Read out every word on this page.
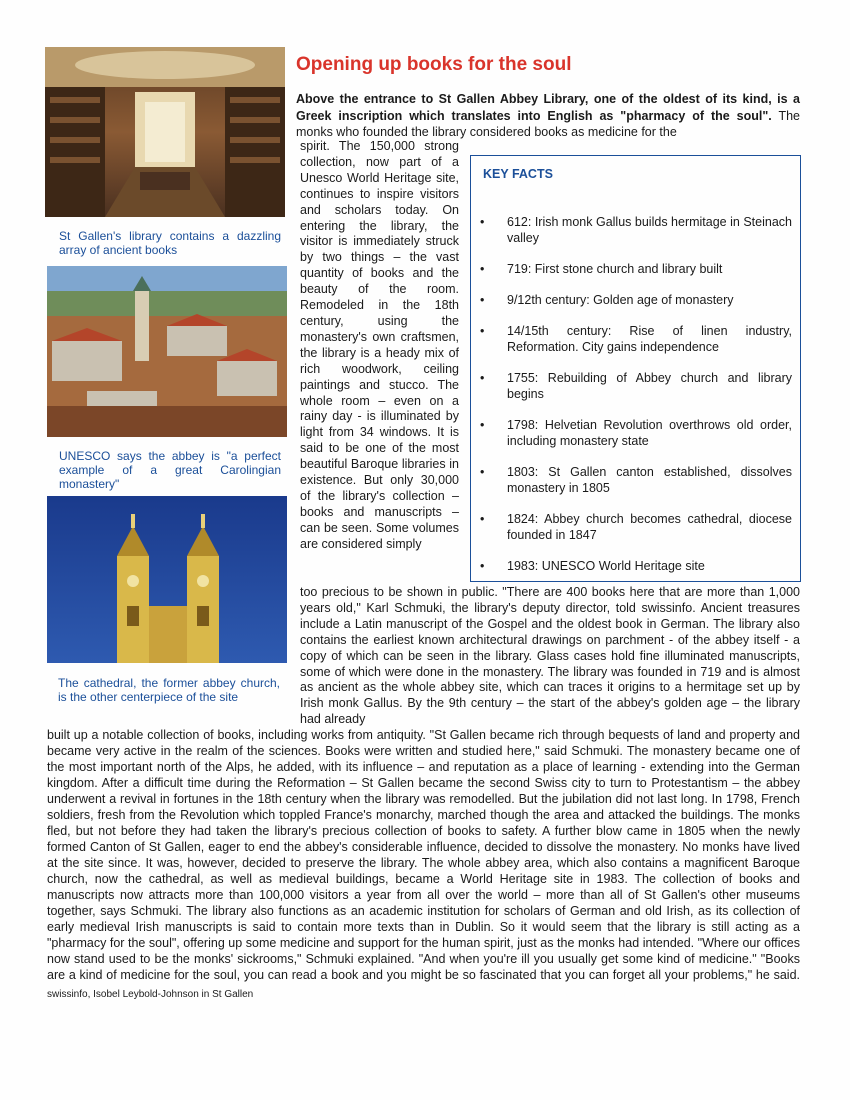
St Gallen's library contains a dazzling array of ancient books
UNESCO says the abbey is "a perfect example of a great Carolingian monastery"
The cathedral, the former abbey church, is the other centerpiece of the site
Opening up books for the soul
Above the entrance to St Gallen Abbey Library, one of the oldest of its kind, is a Greek inscription which translates into English as "pharmacy of the soul". The monks who founded the library considered books as medicine for the
spirit. The 150,000 strong collection, now part of a Unesco World Heritage site, continues to inspire visitors and scholars today. On entering the library, the visitor is immediately struck by two things – the vast quantity of books and the beauty of the room. Remodeled in the 18th century, using the monastery's own craftsmen, the library is a heady mix of rich woodwork, ceiling paintings and stucco. The whole room – even on a rainy day - is illuminated by light from 34 windows. It is said to be one of the most beautiful Baroque libraries in existence. But only 30,000 of the library's collection – books and manuscripts – can be seen. Some volumes are considered simply
KEY FACTS
• 612: Irish monk Gallus builds hermitage in Steinach valley
• 719: First stone church and library built
• 9/12th century: Golden age of monastery
• 14/15th century: Rise of linen industry, Reformation. City gains independence
• 1755: Rebuilding of Abbey church and library begins
• 1798: Helvetian Revolution overthrows old order, including monastery state
• 1803: St Gallen canton established, dissolves monastery in 1805
• 1824: Abbey church becomes cathedral, diocese founded in 1847
• 1983: UNESCO World Heritage site
too precious to be shown in public. "There are 400 books here that are more than 1,000 years old," Karl Schmuki, the library's deputy director, told swissinfo. Ancient treasures include a Latin manuscript of the Gospel and the oldest book in German. The library also contains the earliest known architectural drawings on parchment - of the abbey itself - a copy of which can be seen in the library. Glass cases hold fine illuminated manuscripts, some of which were done in the monastery. The library was founded in 719 and is almost as ancient as the whole abbey site, which can traces it origins to a hermitage set up by Irish monk Gallus. By the 9th century – the start of the abbey's golden age – the library had already
built up a notable collection of books, including works from antiquity. "St Gallen became rich through bequests of land and property and became very active in the realm of the sciences. Books were written and studied here," said Schmuki. The monastery became one of the most important north of the Alps, he added, with its influence – and reputation as a place of learning - extending into the German kingdom. After a difficult time during the Reformation – St Gallen became the second Swiss city to turn to Protestantism – the abbey underwent a revival in fortunes in the 18th century when the library was remodelled. But the jubilation did not last long. In 1798, French soldiers, fresh from the Revolution which toppled France's monarchy, marched though the area and attacked the buildings. The monks fled, but not before they had taken the library's precious collection of books to safety. A further blow came in 1805 when the newly formed Canton of St Gallen, eager to end the abbey's considerable influence, decided to dissolve the monastery. No monks have lived at the site since. It was, however, decided to preserve the library. The whole abbey area, which also contains a magnificent Baroque church, now the cathedral, as well as medieval buildings, became a World Heritage site in 1983. The collection of books and manuscripts now attracts more than 100,000 visitors a year from all over the world – more than all of St Gallen's other museums together, says Schmuki. The library also functions as an academic institution for scholars of German and old Irish, as its collection of early medieval Irish manuscripts is said to contain more texts than in Dublin. So it would seem that the library is still acting as a "pharmacy for the soul", offering up some medicine and support for the human spirit, just as the monks had intended. "Where our offices now stand used to be the monks' sickrooms," Schmuki explained. "And when you're ill you usually get some kind of medicine." "Books are a kind of medicine for the soul, you can read a book and you might be so fascinated that you can forget all your problems," he said. swissinfo, Isobel Leybold-Johnson in St Gallen
